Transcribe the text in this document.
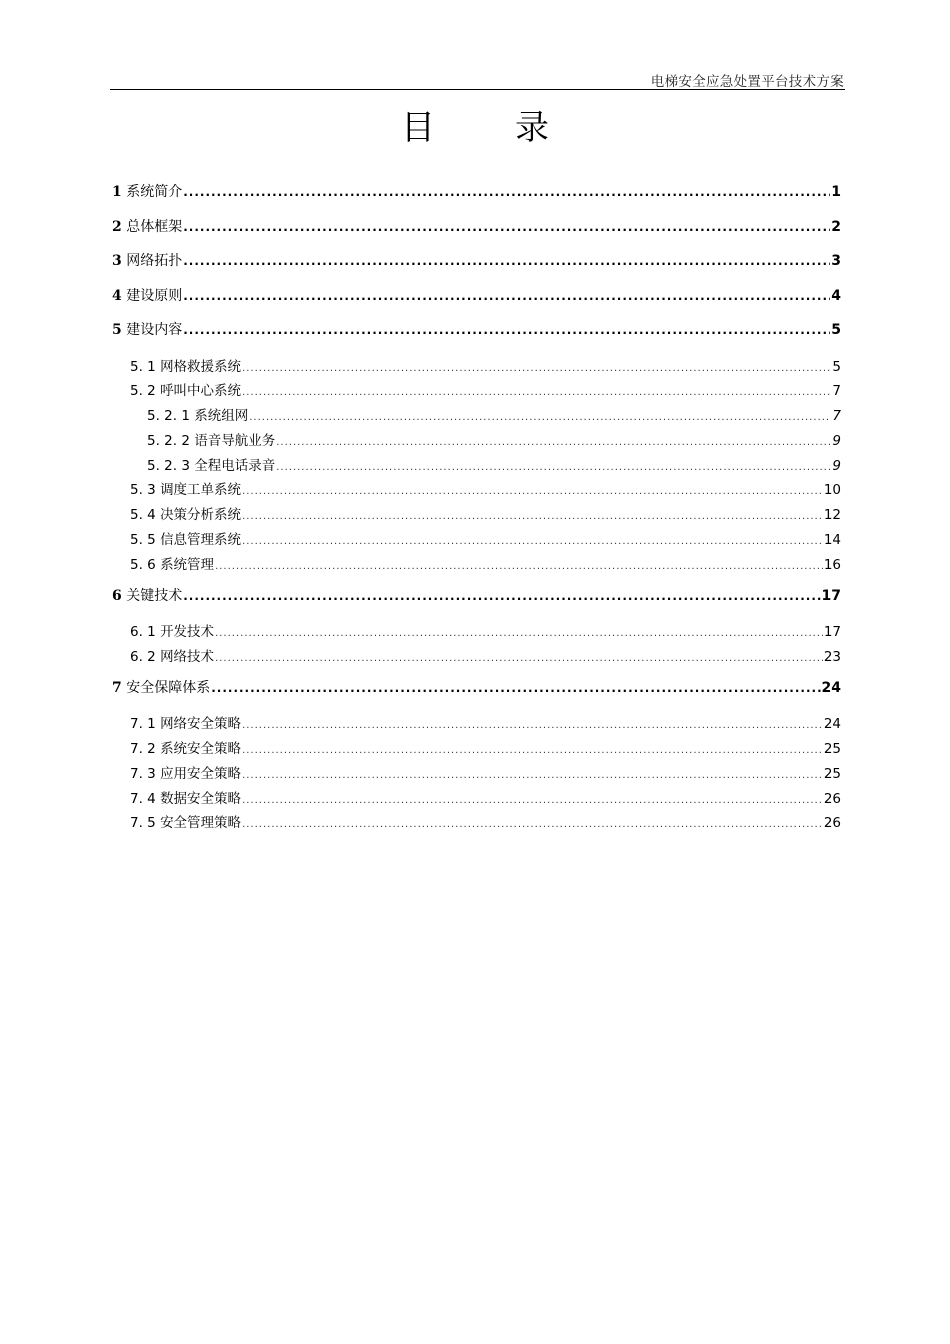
电梯安全应急处置平台技术方案
目录
1 系统简介 .....	1
2 总体框架 .....	2
3 网络拓扑 .....	3
4 建设原则 .....	4
5 建设内容 .....	5
5. 1 网格救援系统 .....	5
5. 2 呼叫中心系统 .....	7
5. 2. 1 系统组网 .....	7
5. 2. 2 语音导航业务 .....	9
5. 2. 3 全程电话录音 .....	9
5. 3 调度工单系统 .....	10
5. 4 决策分析系统 .....	12
5. 5 信息管理系统 .....	14
5. 6 系统管理 .....	16
6 关键技术 .....	17
6. 1 开发技术 .....	17
6. 2 网络技术 .....	23
7 安全保障体系 .....	24
7. 1 网络安全策略 .....	24
7. 2 系统安全策略 .....	25
7. 3 应用安全策略 .....	25
7. 4 数据安全策略 .....	26
7. 5 安全管理策略 .....	26
